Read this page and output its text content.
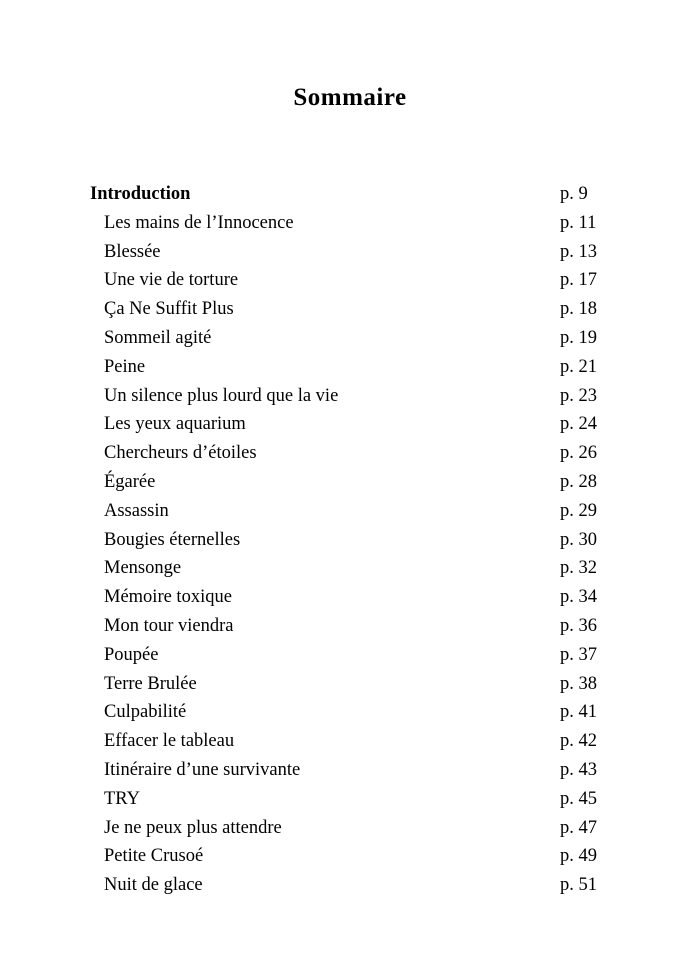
Sommaire
Introduction	p. 9
Les mains de l’Innocence	p. 11
Blessée	p. 13
Une vie de torture	p. 17
Ça Ne Suffit Plus	p. 18
Sommeil agité	p. 19
Peine	p. 21
Un silence plus lourd que la vie	p. 23
Les yeux aquarium	p. 24
Chercheurs d’étoiles	p. 26
Égarée	p. 28
Assassin	p. 29
Bougies éternelles	p. 30
Mensonge	p. 32
Mémoire toxique	p. 34
Mon tour viendra	p. 36
Poupée	p. 37
Terre Brulée	p. 38
Culpabilité	p. 41
Effacer le tableau	p. 42
Itinéraire d’une survivante	p. 43
TRY	p. 45
Je ne peux plus attendre	p. 47
Petite Crusoé	p. 49
Nuit de glace	p. 51
